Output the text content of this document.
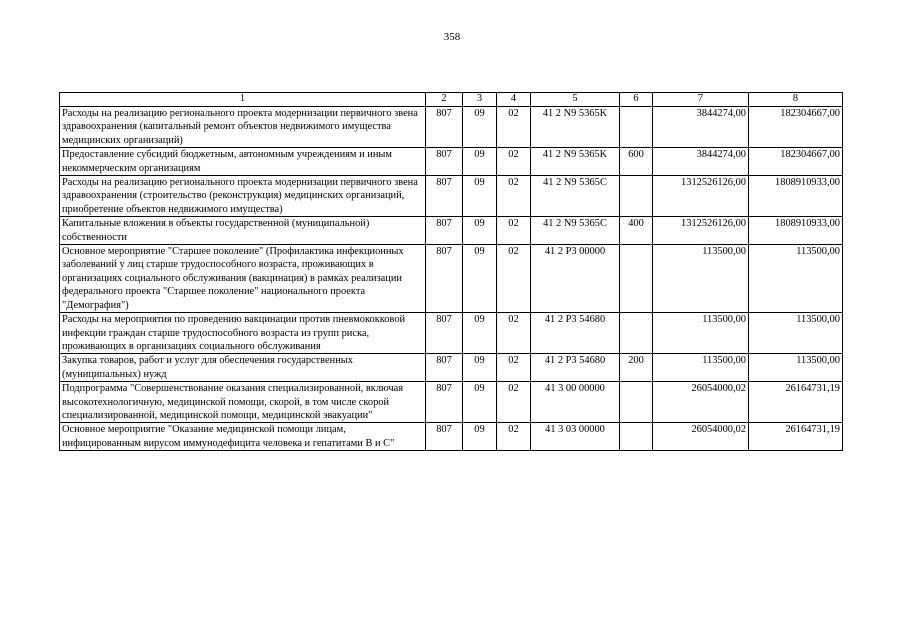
358
1	2	3	4	5	6	7	8
Расходы на реализацию регионального проекта модернизации первичного звена здравоохранения (капитальный ремонт объектов недвижимого имущества медицинских организаций)	807	09	02	41 2 N9 5365K		3844274,00	182304667,00
Предоставление субсидий бюджетным, автономным учреждениям и иным некоммерческим организациям	807	09	02	41 2 N9 5365K	600	3844274,00	182304667,00
Расходы на реализацию регионального проекта модернизации первичного звена здравоохранения (строительство (реконструкция) медицинских организаций, приобретение объектов недвижимого имущества)	807	09	02	41 2 N9 5365C		1312526126,00	1808910933,00
Капитальные вложения в объекты государственной (муниципальной) собственности	807	09	02	41 2 N9 5365C	400	1312526126,00	1808910933,00
Основное мероприятие "Старшее поколение" (Профилактика инфекционных заболеваний у лиц старше трудоспособного возраста, проживающих в организациях социального обслуживания (вакцинация) в рамках реализации федерального проекта "Старшее поколение" национального проекта "Демография")	807	09	02	41 2 P3 00000		113500,00	113500,00
Расходы на мероприятия по проведению вакцинации против пневмококковой инфекции граждан старше трудоспособного возраста из групп риска, проживающих в организациях социального обслуживания	807	09	02	41 2 P3 54680		113500,00	113500,00
Закупка товаров, работ и услуг для обеспечения государственных (муниципальных) нужд	807	09	02	41 2 P3 54680	200	113500,00	113500,00
Подпрограмма "Совершенствование оказания специализированной, включая высокотехнологичную, медицинской помощи, скорой, в том числе скорой специализированной, медицинской помощи, медицинской эвакуации"	807	09	02	41 3 00 00000		26054000,02	26164731,19
Основное мероприятие "Оказание медицинской помощи лицам, инфицированным вирусом иммунодефицита человека и гепатитами В и С"	807	09	02	41 3 03 00000		26054000,02	26164731,19
